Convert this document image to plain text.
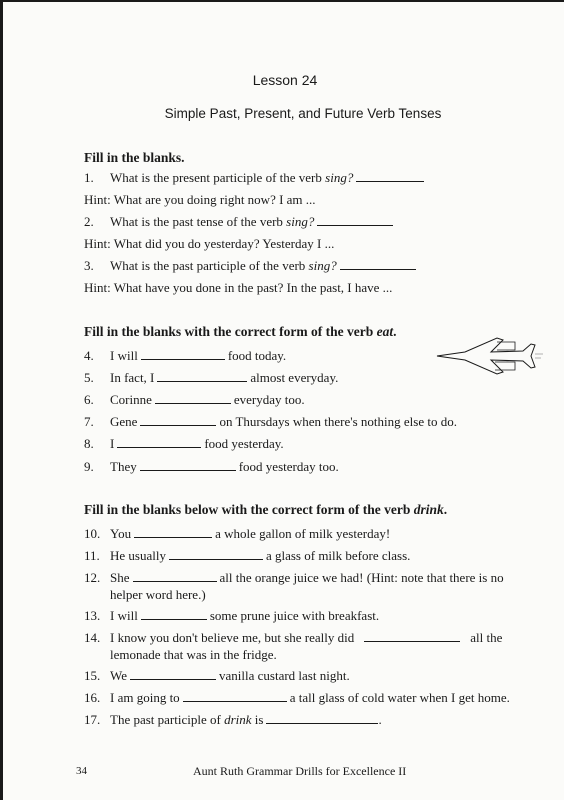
Lesson 24
Simple Past, Present, and Future Verb Tenses
Fill in the blanks.
1. What is the present participle of the verb sing?
Hint: What are you doing right now? I am ...
2. What is the past tense of the verb sing?
Hint: What did you do yesterday? Yesterday I ...
3. What is the past participle of the verb sing?
Hint: What have you done in the past? In the past, I have ...
Fill in the blanks with the correct form of the verb eat.
4. I will	food today.
5. In fact, I	almost everyday.
6. Corinne	everyday too.
7. Gene	on Thursdays when there's nothing else to do.
8. I	food yesterday.
9. They	food yesterday too.
Fill in the blanks below with the correct form of the verb drink.
10. You	a whole gallon of milk yesterday!
11. He usually	a glass of milk before class.
12. She	all the orange juice we had! (Hint: note that there is no
helper word here.)
13. I will	some prune juice with breakfast.
14. I know you don't believe me, but she really did	all the
lemonade that was in the fridge.
15. We	vanilla custard last night.
16. I am going to	a tall glass of cold water when I get home.
17. The past participle of drink is	.
34	Aunt Ruth Grammar Drills for Excellence II
